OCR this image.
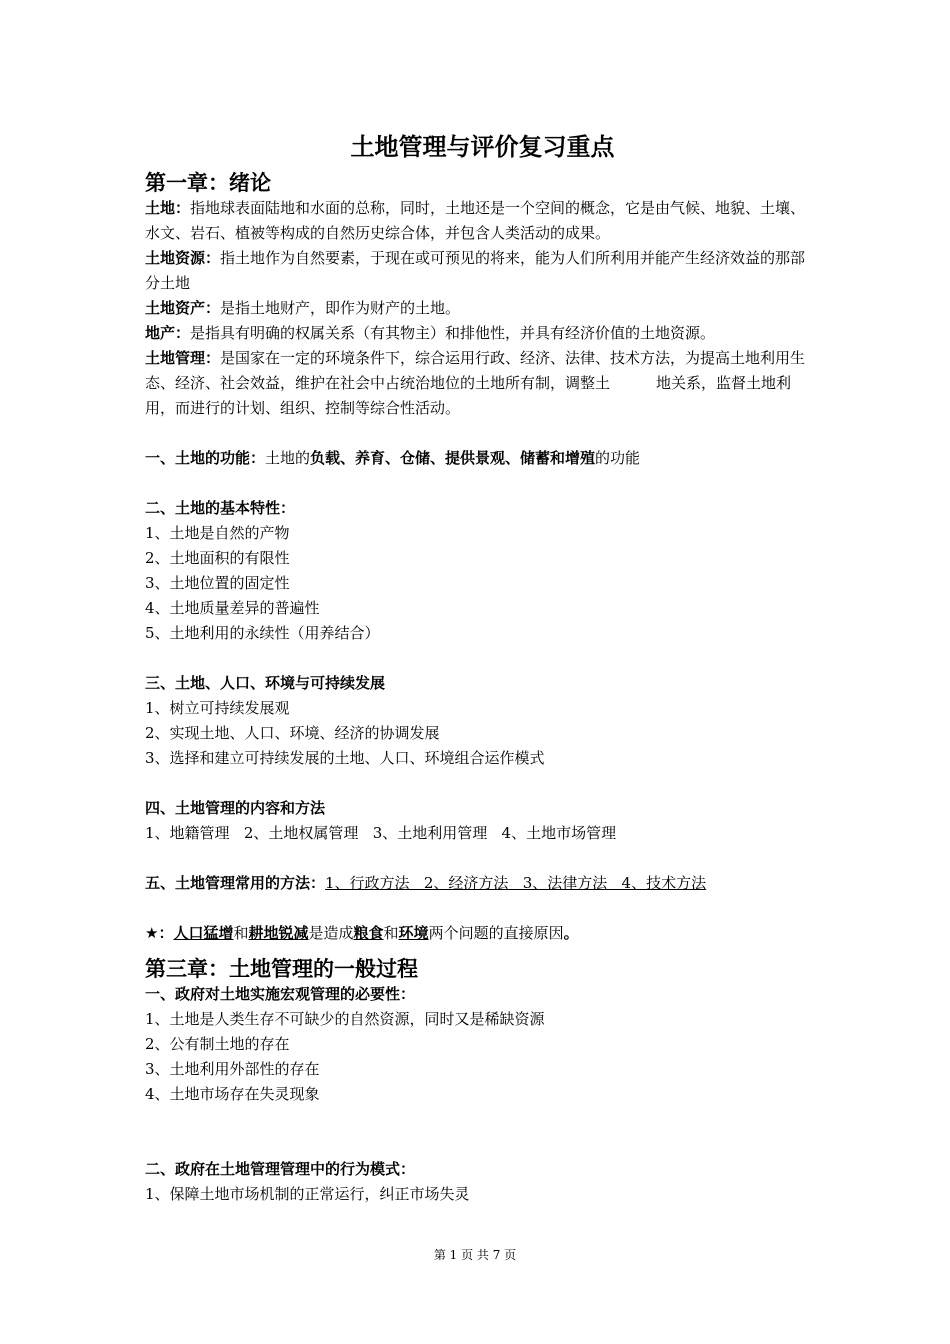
土地管理与评价复习重点
第一章：绪论

土地：指地球表面陆地和水面的总称，同时，土地还是一个空间的概念，它是由气候、地貌、土壤、水文、岩石、植被等构成的自然历史综合体，并包含人类活动的成果。

土地资源：指土地作为自然要素，于现在或可预见的将来，能为人们所利用并能产生经济效益的那部分土地

土地资产：是指土地财产，即作为财产的土地。

地产：是指具有明确的权属关系（有其物主）和排他性，并具有经济价值的土地资源。

土地管理：是国家在一定的环境条件下，综合运用行政、经济、法律、技术方法，为提高土地利用生态、经济、社会效益，维护在社会中占统治地位的土地所有制，调整土	地关系，监督土地利用，而进行的计划、组织、控制等综合性活动。

一、土地的功能：土地的负载、养育、仓储、提供景观、储蓄和增殖的功能

二、土地的基本特性：

1、土地是自然的产物

2、土地面积的有限性

3、土地位置的固定性

4、土地质量差异的普遍性

5、土地利用的永续性（用养结合）

三、土地、人口、环境与可持续发展

1、树立可持续发展观

2、实现土地、人口、环境、经济的协调发展

3、选择和建立可持续发展的土地、人口、环境组合运作模式

四、土地管理的内容和方法

1、地籍管理   2、土地权属管理   3、土地利用管理   4、土地市场管理

五、土地管理常用的方法：1、行政方法   2、经济方法   3、法律方法   4、技术方法

★：人口猛增和耕地锐减是造成粮食和环境两个问题的直接原因。

第三章：土地管理的一般过程

一、政府对土地实施宏观管理的必要性：

1、土地是人类生存不可缺少的自然资源，同时又是稀缺资源

2、公有制土地的存在

3、土地利用外部性的存在

4、土地市场存在失灵现象

二、政府在土地管理管理中的行为模式：

1、保障土地市场机制的正常运行，纠正市场失灵

第 1 页 共 7 页
